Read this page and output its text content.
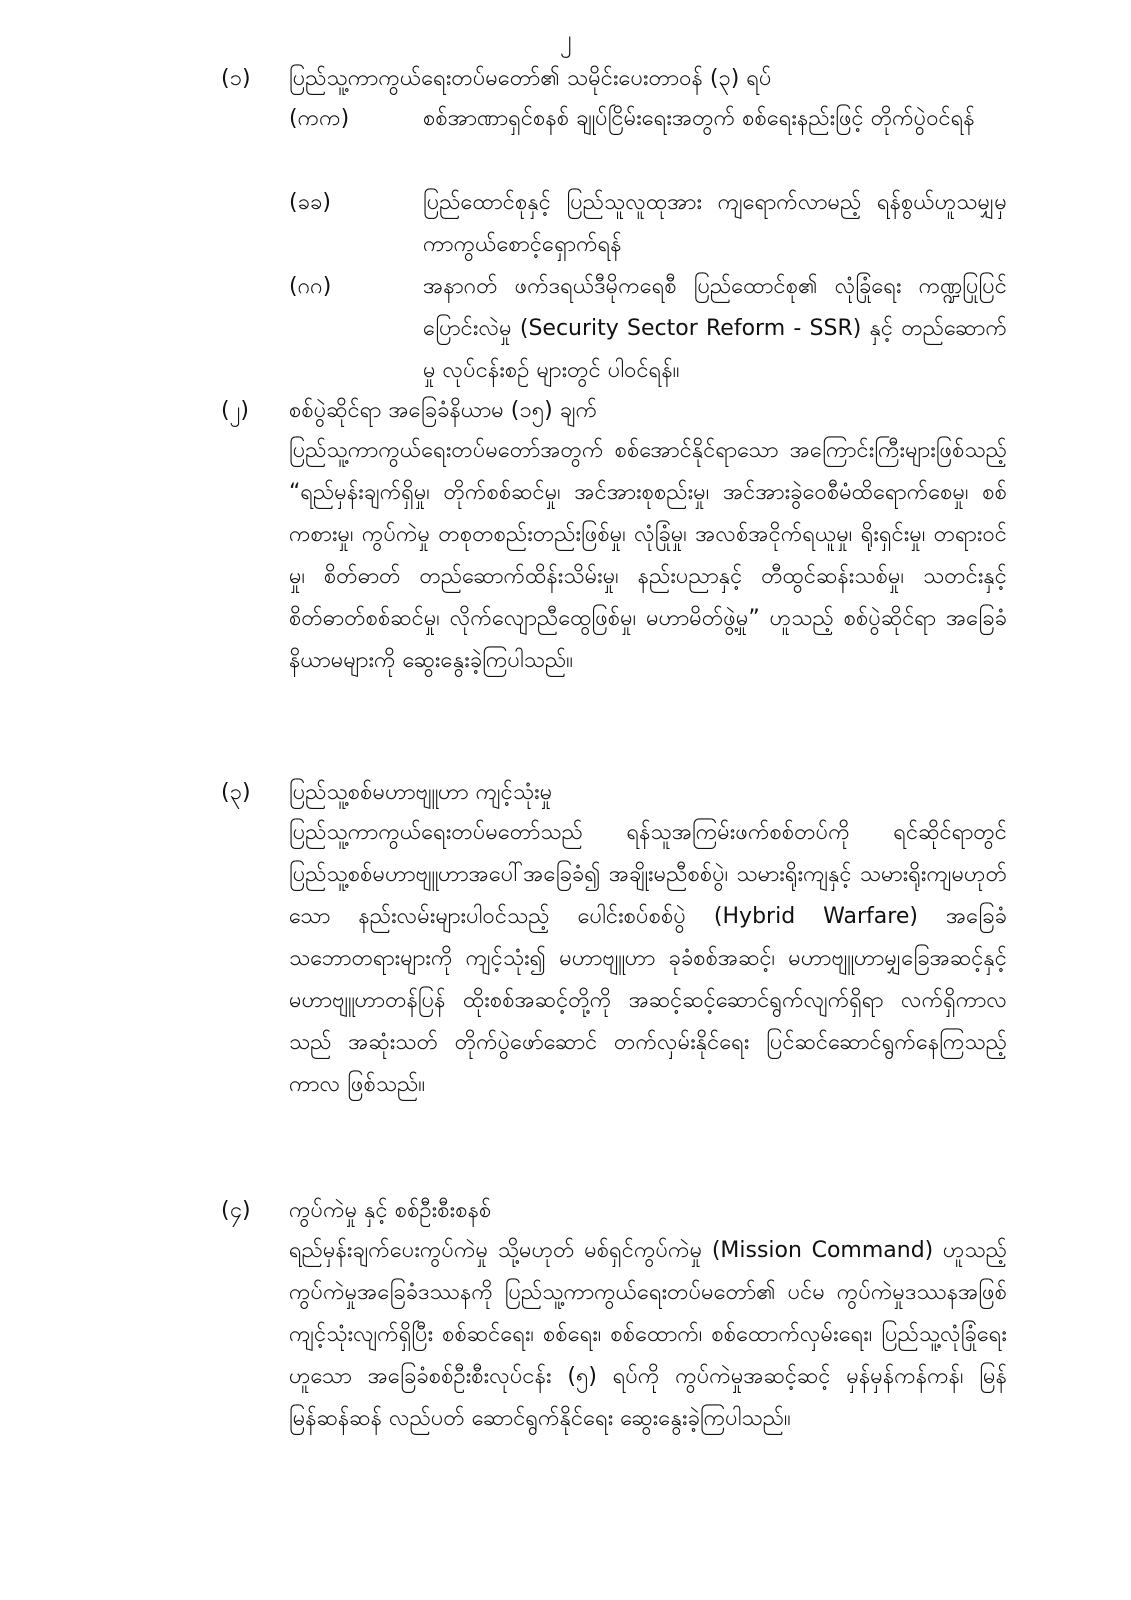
၂
(၁) ပြည်သူ့ကာကွယ်ရေးတပ်မတော်၏ သမိုင်းပေးတာဝန် (၃) ရပ်
(ကက)	စစ်အာဏာရှင်စနစ် ချုပ်ငြိမ်းရေးအတွက် စစ်ရေးနည်းဖြင့် တိုက်ပွဲဝင်ရန်
(ခခ)	ပြည်ထောင်စုနှင့် ပြည်သူလူထုအား ကျရောက်လာမည့် ရန်စွယ်ဟူသမျှမှ ကာကွယ်စောင့်ရှောက်ရန်
(ဂဂ)	အနာဂတ် ဖက်ဒရယ်ဒီမိုကရေစီ ပြည်ထောင်စု၏ လုံခြုံရေး ကဏ္ဍပြုပြင်ပြောင်းလဲမှု (Security Sector Reform - SSR) နှင့် တည်ဆောက်မှု လုပ်ငန်းစဉ် များတွင် ပါဝင်ရန်။
(၂) စစ်ပွဲဆိုင်ရာ အခြေခံနိယာမ (၁၅) ချက်
ပြည်သူ့ကာကွယ်ရေးတပ်မတော်အတွက် စစ်အောင်နိုင်ရာသော အကြောင်းကြီးများဖြစ်သည့် “ရည်မှန်းချက်ရှိမှု၊ တိုက်စစ်ဆင်မှု၊ အင်အားစုစည်းမှု၊ အင်အားခွဲဝေစီမံထိရောက်စေမှု၊ စစ်ကစားမှု၊ ကွပ်ကဲမှု တစုတစည်းတည်းဖြစ်မှု၊ လုံခြုံမှု၊ အလစ်အငိုက်ရယူမှု၊ ရိုးရှင်းမှု၊ တရားဝင်မှု၊ စိတ်ဓာတ် တည်ဆောက်ထိန်းသိမ်းမှု၊ နည်းပညာနှင့် တီထွင်ဆန်းသစ်မှု၊ သတင်းနှင့် စိတ်ဓာတ်စစ်ဆင်မှု၊ လိုက်လျောညီထွေဖြစ်မှု၊ မဟာမိတ်ဖွဲ့မှု” ဟူသည့် စစ်ပွဲဆိုင်ရာ အခြေခံ နိယာမများကို ဆွေးနွေးခဲ့ကြပါသည်။
(၃) ပြည်သူ့စစ်မဟာဗျူဟာ ကျင့်သုံးမှု
ပြည်သူ့ကာကွယ်ရေးတပ်မတော်သည် ရန်သူအကြမ်းဖက်စစ်တပ်ကို ရင်ဆိုင်ရာတွင် ပြည်သူ့စစ်မဟာဗျူဟာအပေါ်အခြေခံ၍ အချိုးမညီစစ်ပွဲ၊ သမားရိုးကျနှင့် သမားရိုးကျမဟုတ်သော နည်းလမ်းများပါဝင်သည့် ပေါင်းစပ်စစ်ပွဲ (Hybrid Warfare) အခြေခံသဘောတရားများကို ကျင့်သုံး၍ မဟာဗျူဟာ ခုခံစစ်အဆင့်၊ မဟာဗျူဟာမျှခြေအဆင့်နှင့် မဟာဗျူဟာတန်ပြန် ထိုးစစ်အဆင့်တို့ကို အဆင့်ဆင့်ဆောင်ရွက်လျက်ရှိရာ လက်ရှိကာလသည် အဆုံးသတ် တိုက်ပွဲဖော်ဆောင် တက်လှမ်းနိုင်ရေး ပြင်ဆင်ဆောင်ရွက်နေကြသည့် ကာလ ဖြစ်သည်။
(၄) ကွပ်ကဲမှု နှင့် စစ်ဦးစီးစနစ်
ရည်မှန်းချက်ပေးကွပ်ကဲမှု သို့မဟုတ် မစ်ရှင်ကွပ်ကဲမှု (Mission Command) ဟူသည့် ကွပ်ကဲမှုအခြေခံဒဿနကို ပြည်သူ့ကာကွယ်ရေးတပ်မတော်၏ ပင်မ ကွပ်ကဲမှုဒဿနအဖြစ် ကျင့်သုံးလျက်ရှိပြီး စစ်ဆင်ရေး၊ စစ်ရေး၊ စစ်ထောက်၊ စစ်ထောက်လှမ်းရေး၊ ပြည်သူ့လုံခြုံရေးဟူသော အခြေခံစစ်ဦးစီးလုပ်ငန်း (၅) ရပ်ကို ကွပ်ကဲမှုအဆင့်ဆင့် မှန်မှန်ကန်ကန်၊ မြန်မြန်ဆန်ဆန် လည်ပတ် ဆောင်ရွက်နိုင်ရေး ဆွေးနွေးခဲ့ကြပါသည်။
